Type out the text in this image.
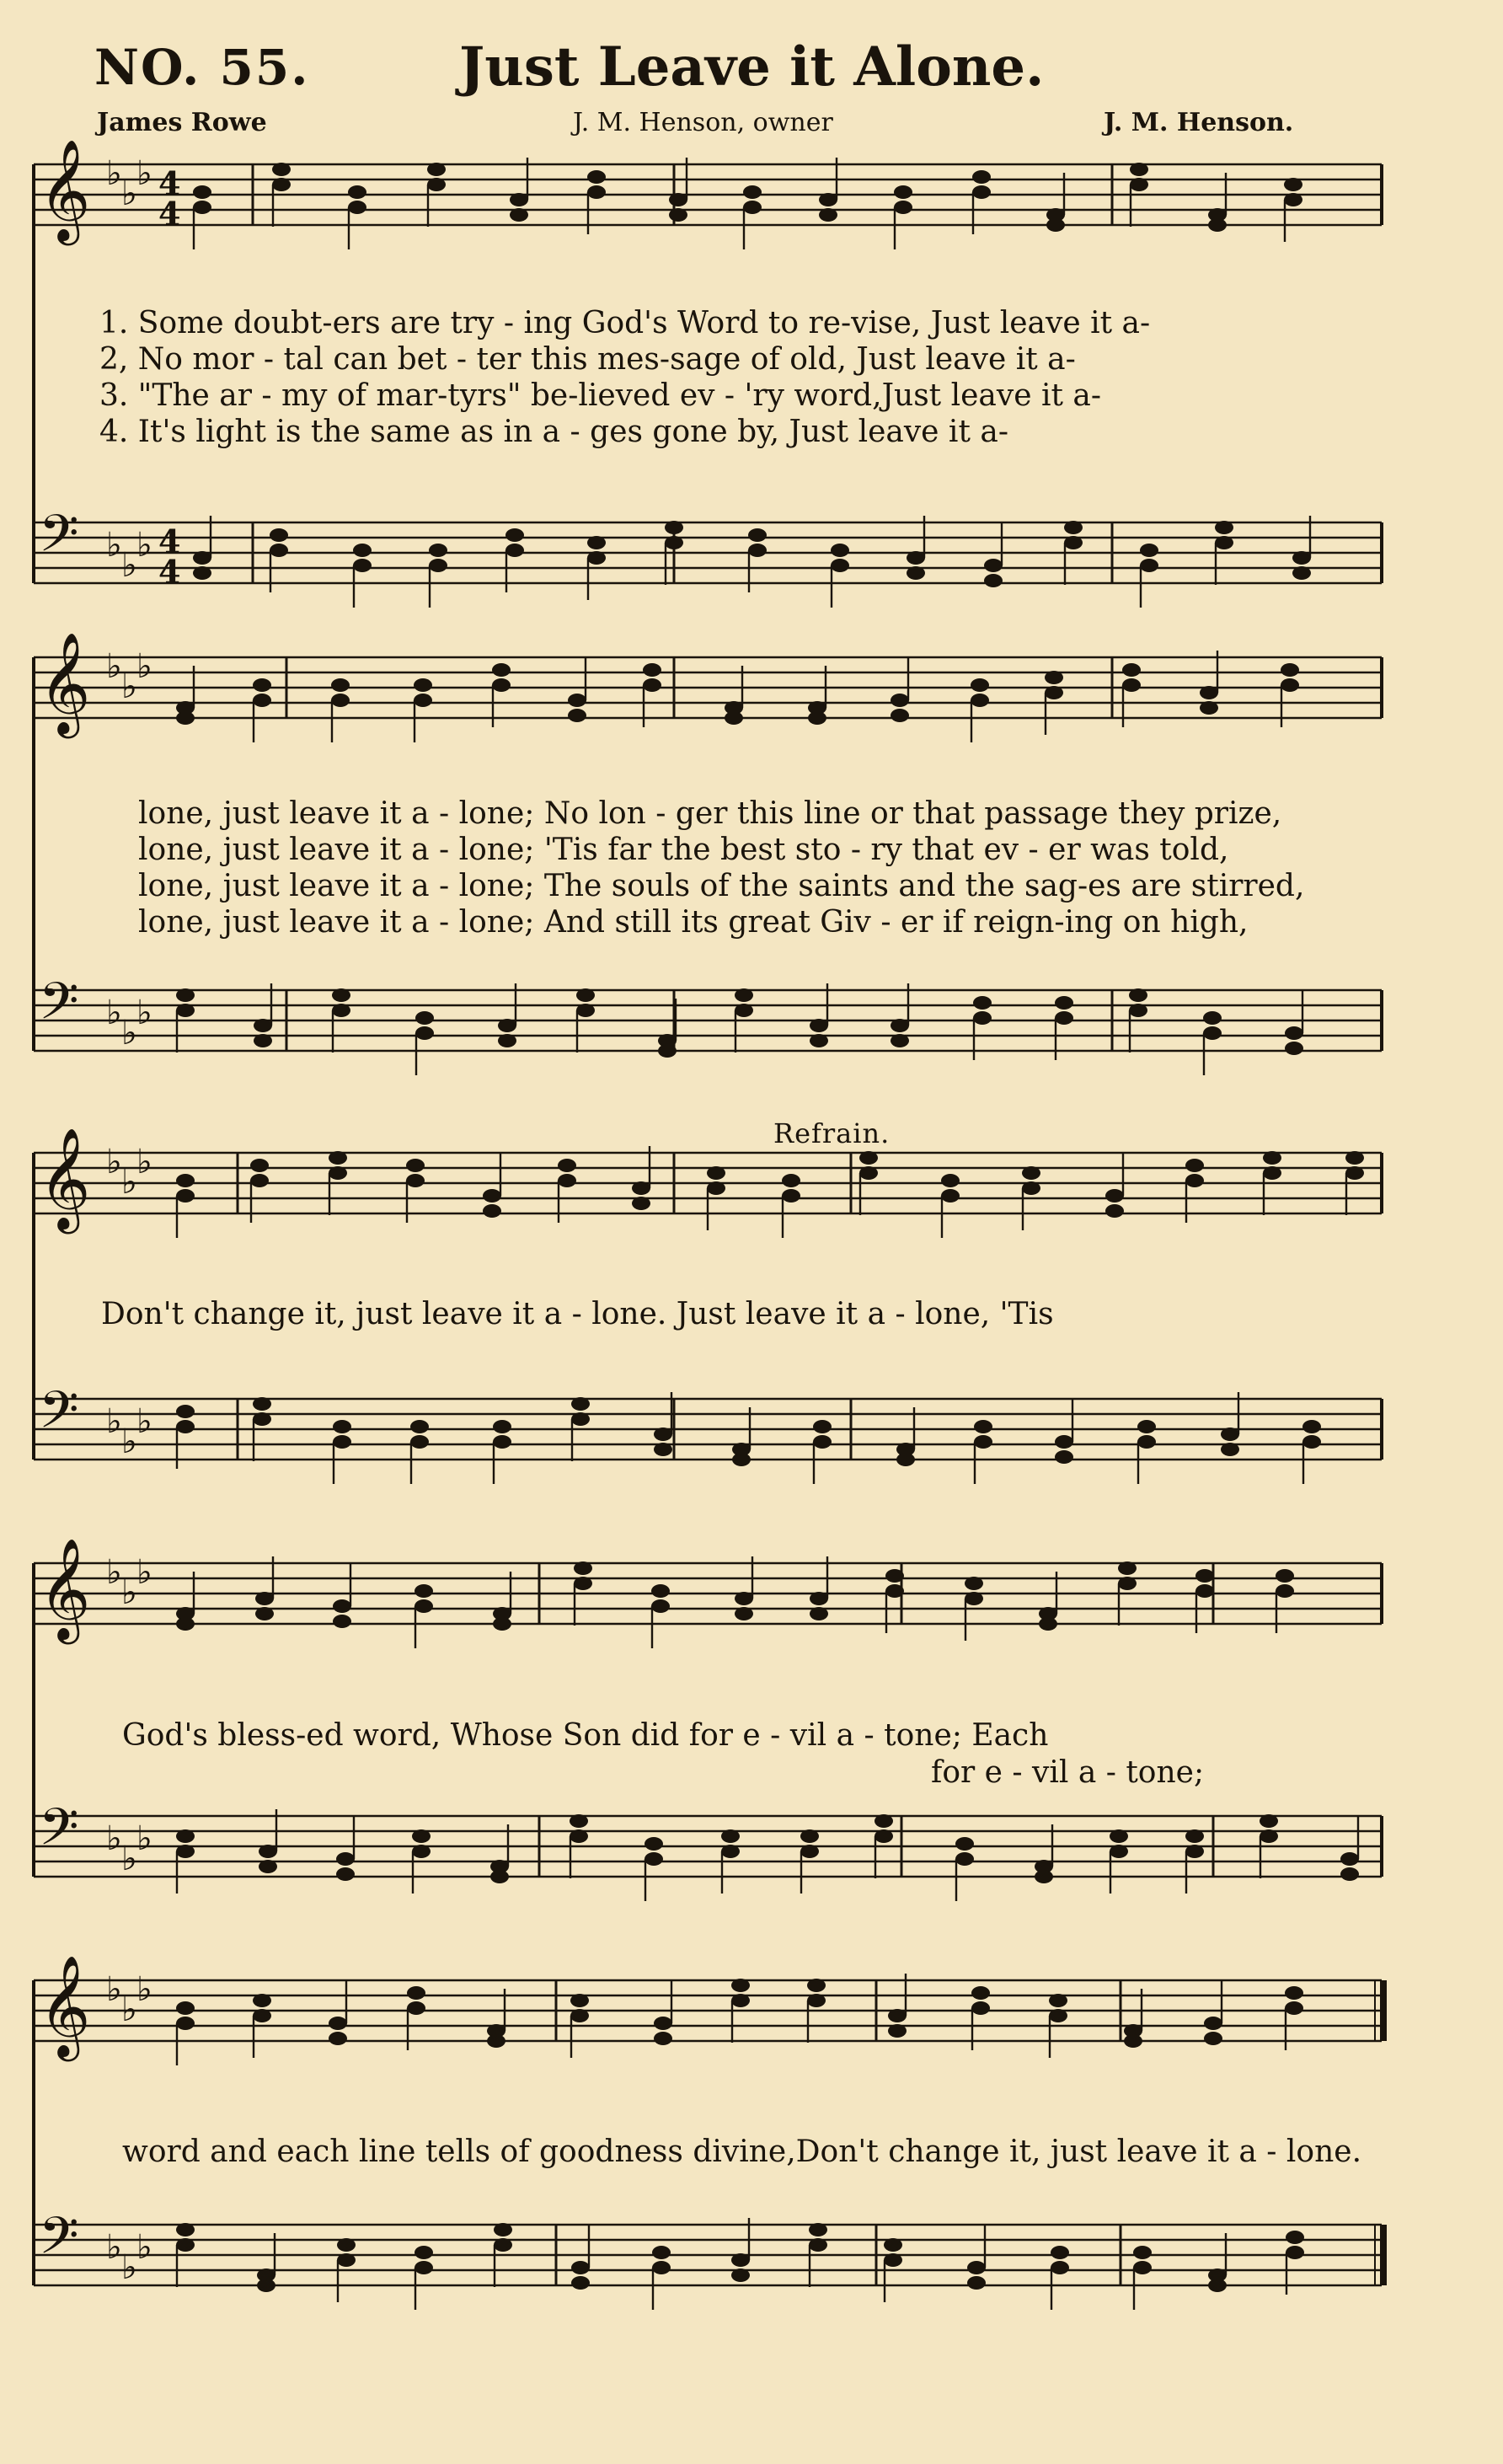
NO. 55.	Just Leave it Alone.
James Rowe	J. M. Henson, owner	J. M. Henson.
𝄞 ♭
♭
♭ 4
4
𝄢 ♭
♭
♭ 4
4
𝄞 ♭
♭
♭
𝄢 ♭
♭
♭
𝄞 ♭
♭
♭
𝄢 ♭
♭
♭
𝄞 ♭
♭
♭
𝄢 ♭
♭
♭
𝄞 ♭
♭
♭
𝄢 ♭
♭
♭
1. Some doubt-ers are try - ing God's Word to re-vise, Just leave it a-
2, No mor - tal can bet - ter this mes-sage of old, Just leave it a-
3. "The ar - my of mar-tyrs" be-lieved ev - 'ry word,Just leave it a-
4. It's light is the same as in a - ges gone by, Just leave it a-
lone, just leave it a - lone; No lon - ger this line or that passage they prize,
lone, just leave it a - lone; 'Tis far the best sto - ry that ev - er was told,
lone, just leave it a - lone; The souls of the saints and the sag-es are stirred,
lone, just leave it a - lone; And still its great Giv - er if reign-ing on high,
Refrain.
Don't change it, just leave it a - lone. Just leave it a - lone, 'Tis
God's bless-ed word, Whose Son did for e - vil a - tone; Each
for e - vil a - tone;
word and each line tells of goodness divine,Don't change it, just leave it a - lone.
